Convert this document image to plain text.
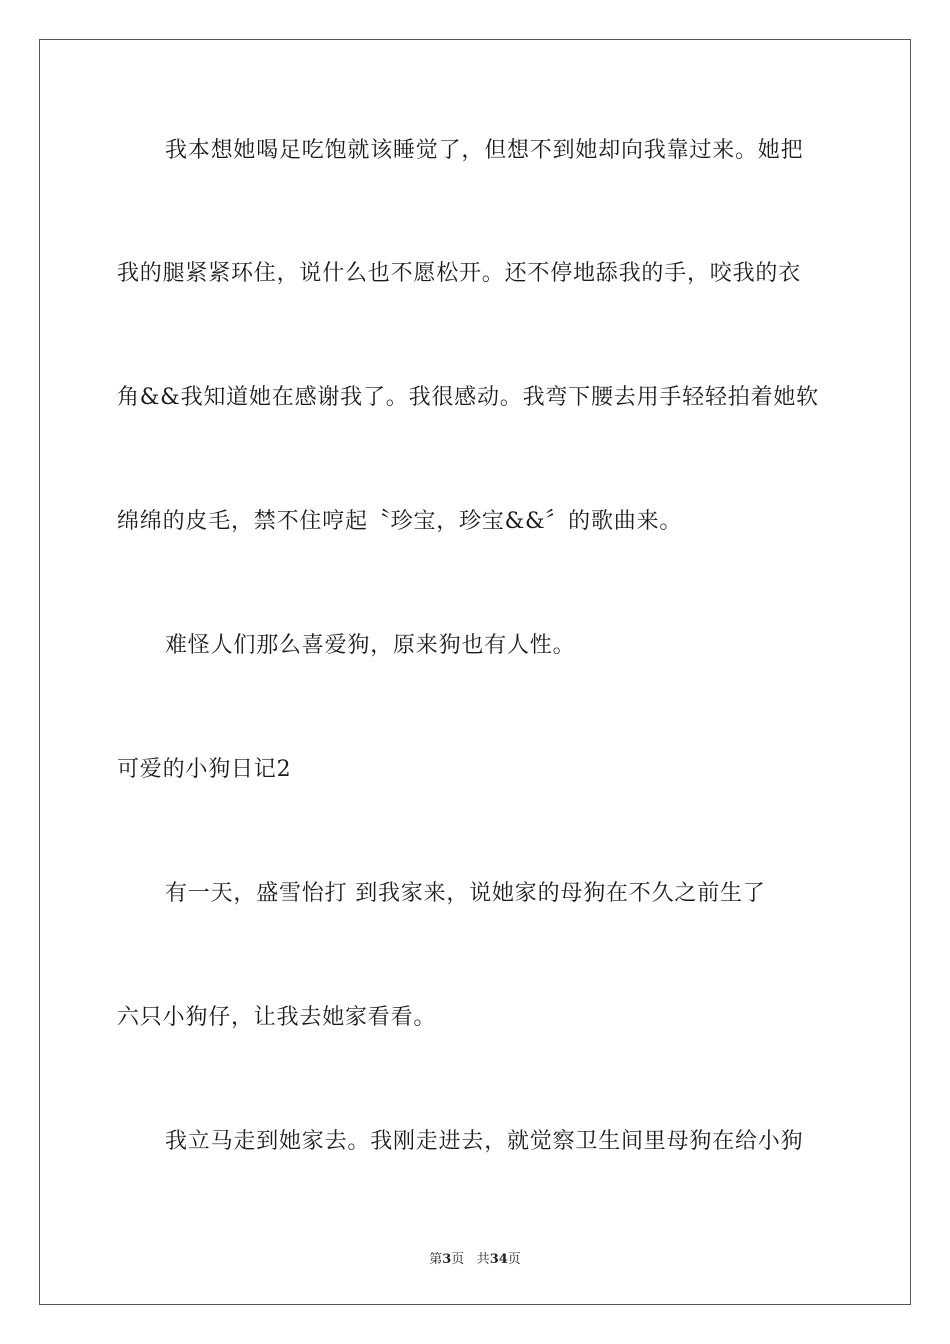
我本想她喝足吃饱就该睡觉了，但想不到她却向我靠过来。她把

我的腿紧紧环住，说什么也不愿松开。还不停地舔我的手，咬我的衣

角&&我知道她在感谢我了。我很感动。我弯下腰去用手轻轻拍着她软

绵绵的皮毛，禁不住哼起〝珍宝，珍宝&&〞的歌曲来。

难怪人们那么喜爱狗，原来狗也有人性。

可爱的小狗日记2

有一天，盛雪怡打 到我家来，说她家的母狗在不久之前生了

六只小狗仔，让我去她家看看。

我立马走到她家去。我刚走进去，就觉察卫生间里母狗在给小狗

第3页 共34页
